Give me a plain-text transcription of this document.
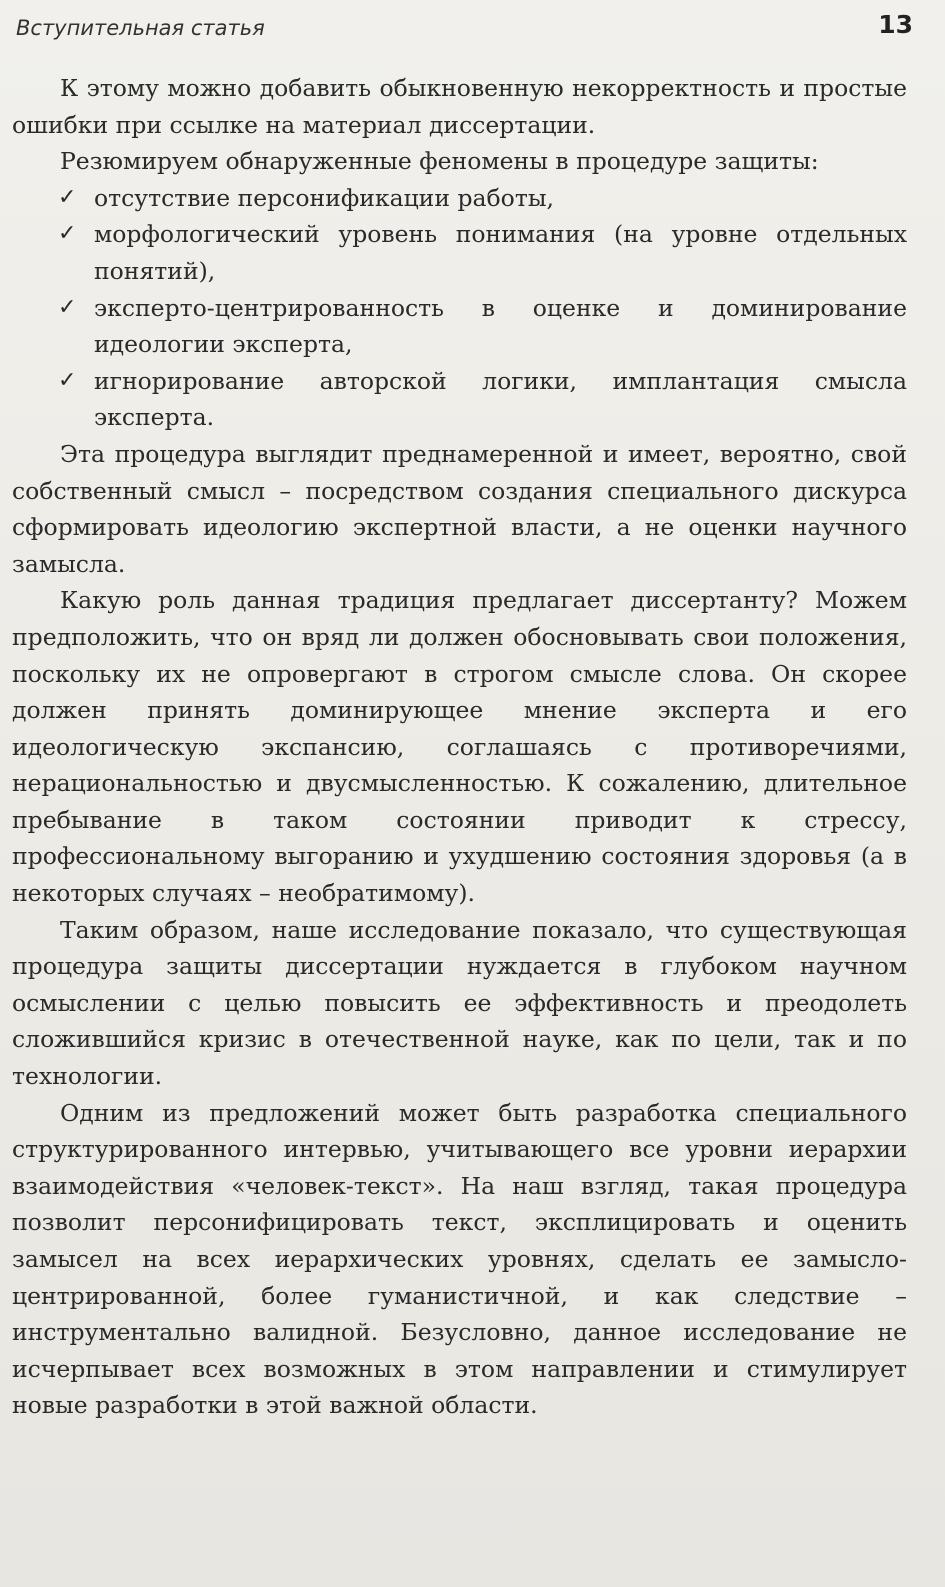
Вступительная статья	13

К этому можно добавить обыкновенную некорректность и простые ошибки при ссылке на материал диссертации.

Резюмируем обнаруженные феномены в процедуре защиты:

✓ отсутствие персонификации работы,
✓ морфологический уровень понимания (на уровне отдельных понятий),
✓ эксперто-центрированность в оценке и доминирование идеологии эксперта,
✓ игнорирование авторской логики, имплантация смысла эксперта.

Эта процедура выглядит преднамеренной и имеет, вероятно, свой собственный смысл – посредством создания специального дискурса сформировать идеологию экспертной власти, а не оценки научного замысла.

Какую роль данная традиция предлагает диссертанту? Можем предположить, что он вряд ли должен обосновывать свои положения, поскольку их не опровергают в строгом смысле слова. Он скорее должен принять доминирующее мнение эксперта и его идеологическую экспансию, соглашаясь с противоречиями, нерациональностью и двусмысленностью. К сожалению, длительное пребывание в таком состоянии приводит к стрессу, профессиональному выгоранию и ухудшению состояния здоровья (а в некоторых случаях – необратимому).

Таким образом, наше исследование показало, что существующая процедура защиты диссертации нуждается в глубоком научном осмыслении с целью повысить ее эффективность и преодолеть сложившийся кризис в отечественной науке, как по цели, так и по технологии.

Одним из предложений может быть разработка специального структурированного интервью, учитывающего все уровни иерархии взаимодействия «человек-текст». На наш взгляд, такая процедура позволит персонифицировать текст, эксплицировать и оценить замысел на всех иерархических уровнях, сделать ее замысло-центрированной, более гуманистичной, и как следствие – инструментально валидной. Безусловно, данное исследование не исчерпывает всех возможных в этом направлении и стимулирует новые разработки в этой важной области.
